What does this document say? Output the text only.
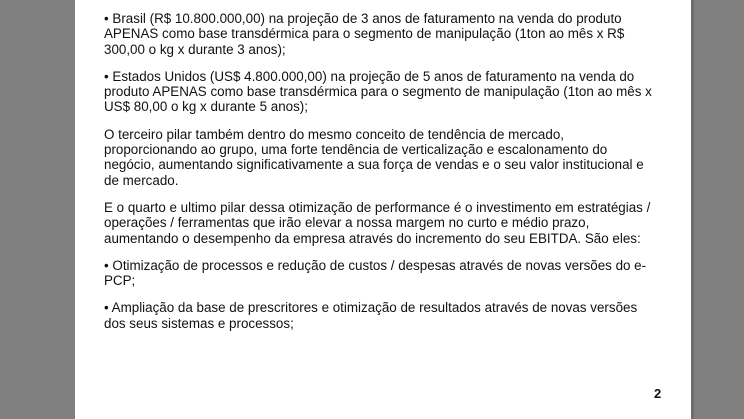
• Brasil (R$ 10.800.000,00) na projeção de 3 anos de faturamento na venda do produto
APENAS como base transdérmica para o segmento de manipulação (1ton ao mês x R$
300,00 o kg x durante 3 anos);

• Estados Unidos (US$ 4.800.000,00) na projeção de 5 anos de faturamento na venda do
produto APENAS como base transdérmica para o segmento de manipulação (1ton ao mês x
US$ 80,00 o kg x durante 5 anos);

O terceiro pilar também dentro do mesmo conceito de tendência de mercado,
proporcionando ao grupo, uma forte tendência de verticalização e escalonamento do
negócio, aumentando significativamente a sua força de vendas e o seu valor institucional e
de mercado.

E o quarto e ultimo pilar dessa otimização de performance é o investimento em estratégias /
operações / ferramentas que irão elevar a nossa margem no curto e médio prazo,
aumentando o desempenho da empresa através do incremento do seu EBITDA. São eles:

• Otimização de processos e redução de custos / despesas através de novas versões do e-
PCP;

• Ampliação da base de prescritores e otimização de resultados através de novas versões
dos seus sistemas e processos;

2
